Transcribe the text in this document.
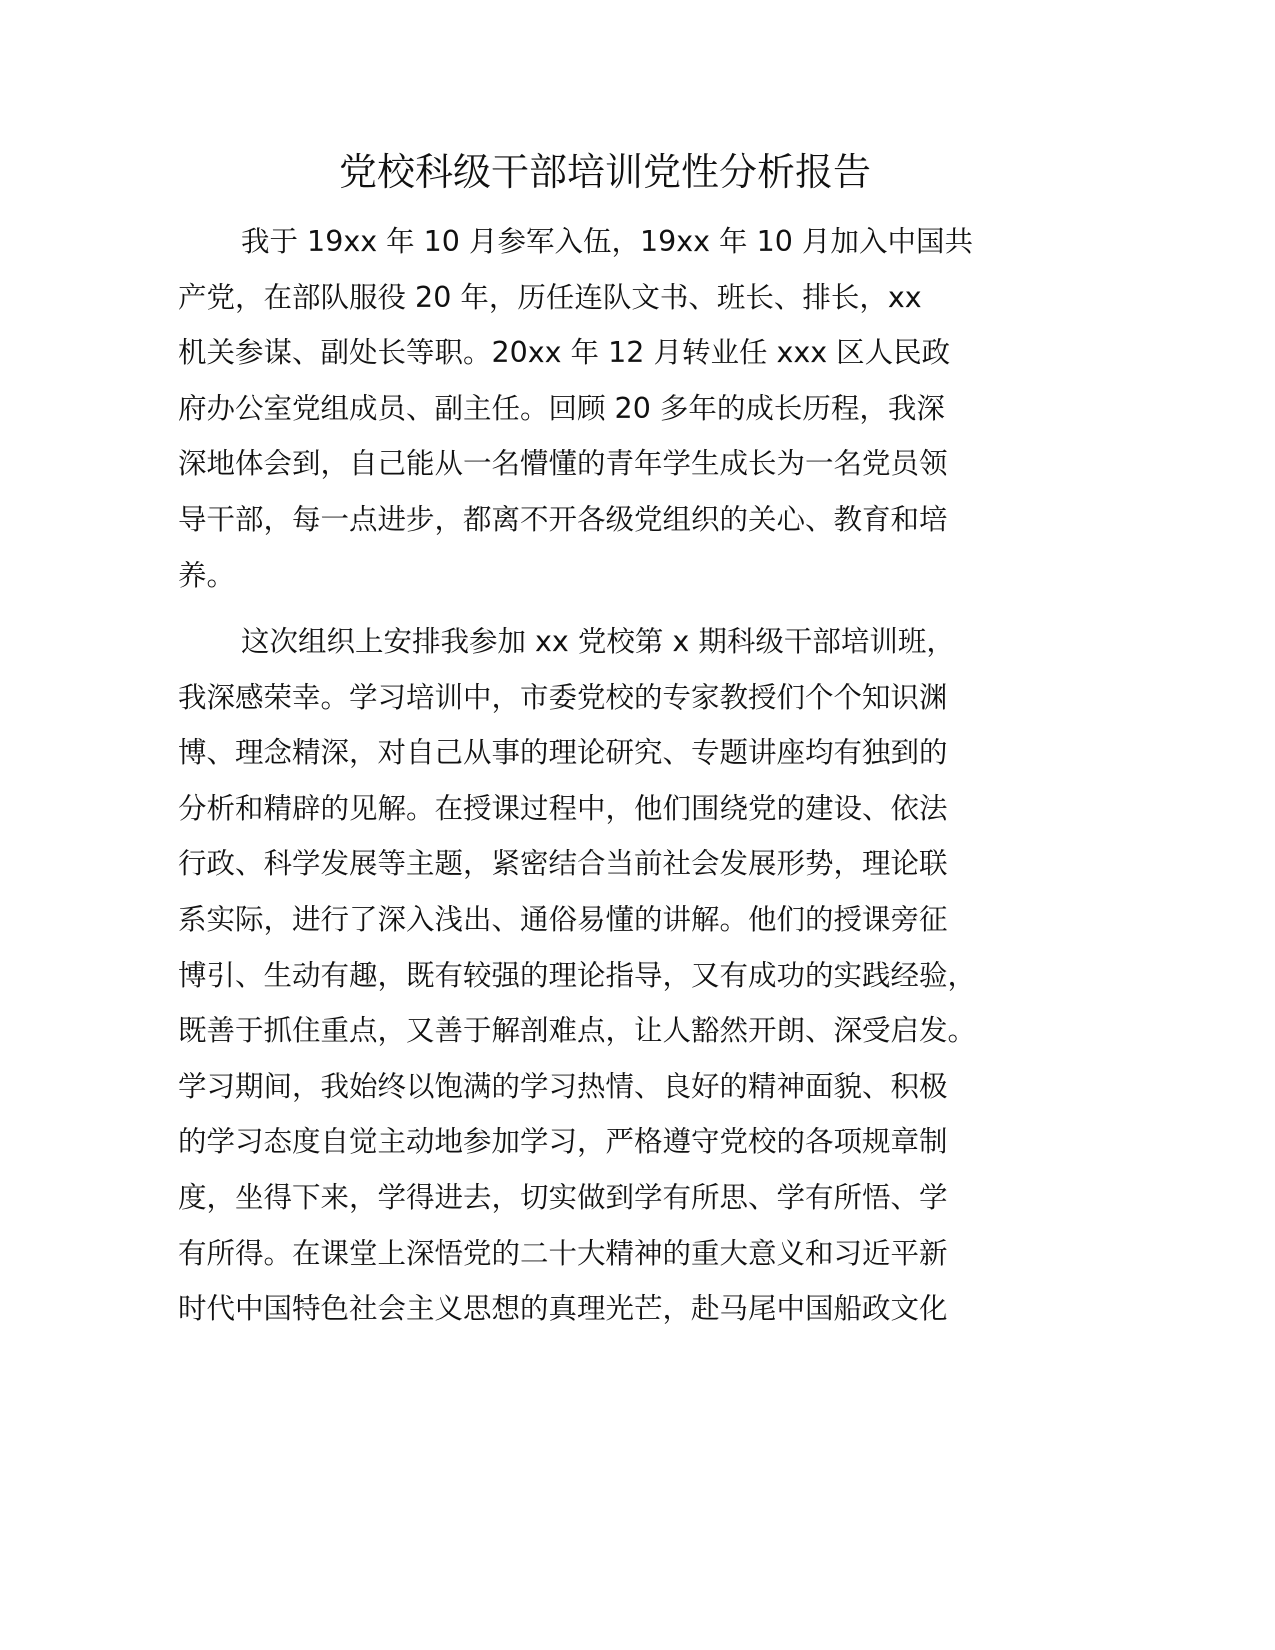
党校科级干部培训党性分析报告
我于 19xx 年 10 月参军入伍，19xx 年 10 月加入中国共
产党，在部队服役 20 年，历任连队文书、班长、排长，xx
机关参谋、副处长等职。20xx 年 12 月转业任 xxx 区人民政
府办公室党组成员、副主任。回顾 20 多年的成长历程，我深
深地体会到，自己能从一名懵懂的青年学生成长为一名党员领
导干部，每一点进步，都离不开各级党组织的关心、教育和培
养。
这次组织上安排我参加 xx 党校第 x 期科级干部培训班，
我深感荣幸。学习培训中，市委党校的专家教授们个个知识渊
博、理念精深，对自己从事的理论研究、专题讲座均有独到的
分析和精辟的见解。在授课过程中，他们围绕党的建设、依法
行政、科学发展等主题，紧密结合当前社会发展形势，理论联
系实际，进行了深入浅出、通俗易懂的讲解。他们的授课旁征
博引、生动有趣，既有较强的理论指导，又有成功的实践经验，
既善于抓住重点，又善于解剖难点，让人豁然开朗、深受启发。
学习期间，我始终以饱满的学习热情、良好的精神面貌、积极
的学习态度自觉主动地参加学习，严格遵守党校的各项规章制
度，坐得下来，学得进去，切实做到学有所思、学有所悟、学
有所得。在课堂上深悟党的二十大精神的重大意义和习近平新
时代中国特色社会主义思想的真理光芒，赴马尾中国船政文化
